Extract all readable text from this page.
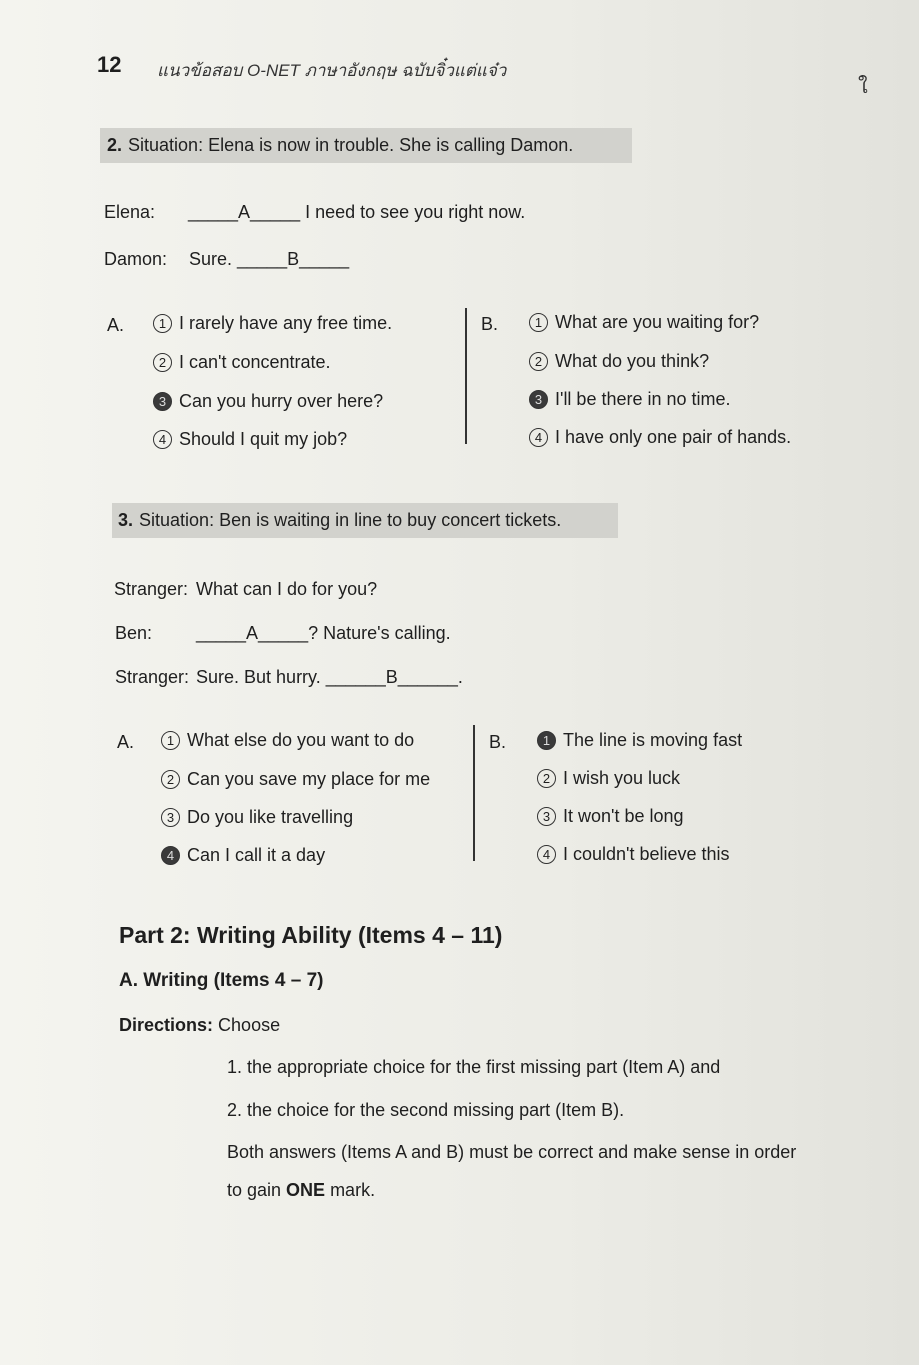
12 แนวข้อสอบ O-NET ภาษาอังกฤษ ฉบับจิ๋วแต่แจ๋ว
ใ
2. Situation: Elena is now in trouble. She is calling Damon.
Elena: _____A_____ I need to see you right now.
Damon: Sure. _____B_____
A.	1 I rarely have any free time.
2 I can't concentrate.
3 Can you hurry over here?
4 Should I quit my job?
B.	1 What are you waiting for?
2 What do you think?
3 I'll be there in no time.
4 I have only one pair of hands.
3. Situation: Ben is waiting in line to buy concert tickets.
Stranger: What can I do for you?
Ben: _____A_____? Nature's calling.
Stranger: Sure. But hurry. ______B______.
A.	1 What else do you want to do
2 Can you save my place for me
3 Do you like travelling
4 Can I call it a day
B.	1 The line is moving fast
2 I wish you luck
3 It won't be long
4 I couldn't believe this
Part 2: Writing Ability (Items 4 – 11)
A. Writing (Items 4 – 7)
Directions: Choose
1. the appropriate choice for the first missing part (Item A) and
2. the choice for the second missing part (Item B).
Both answers (Items A and B) must be correct and make sense in order
to gain ONE mark.
